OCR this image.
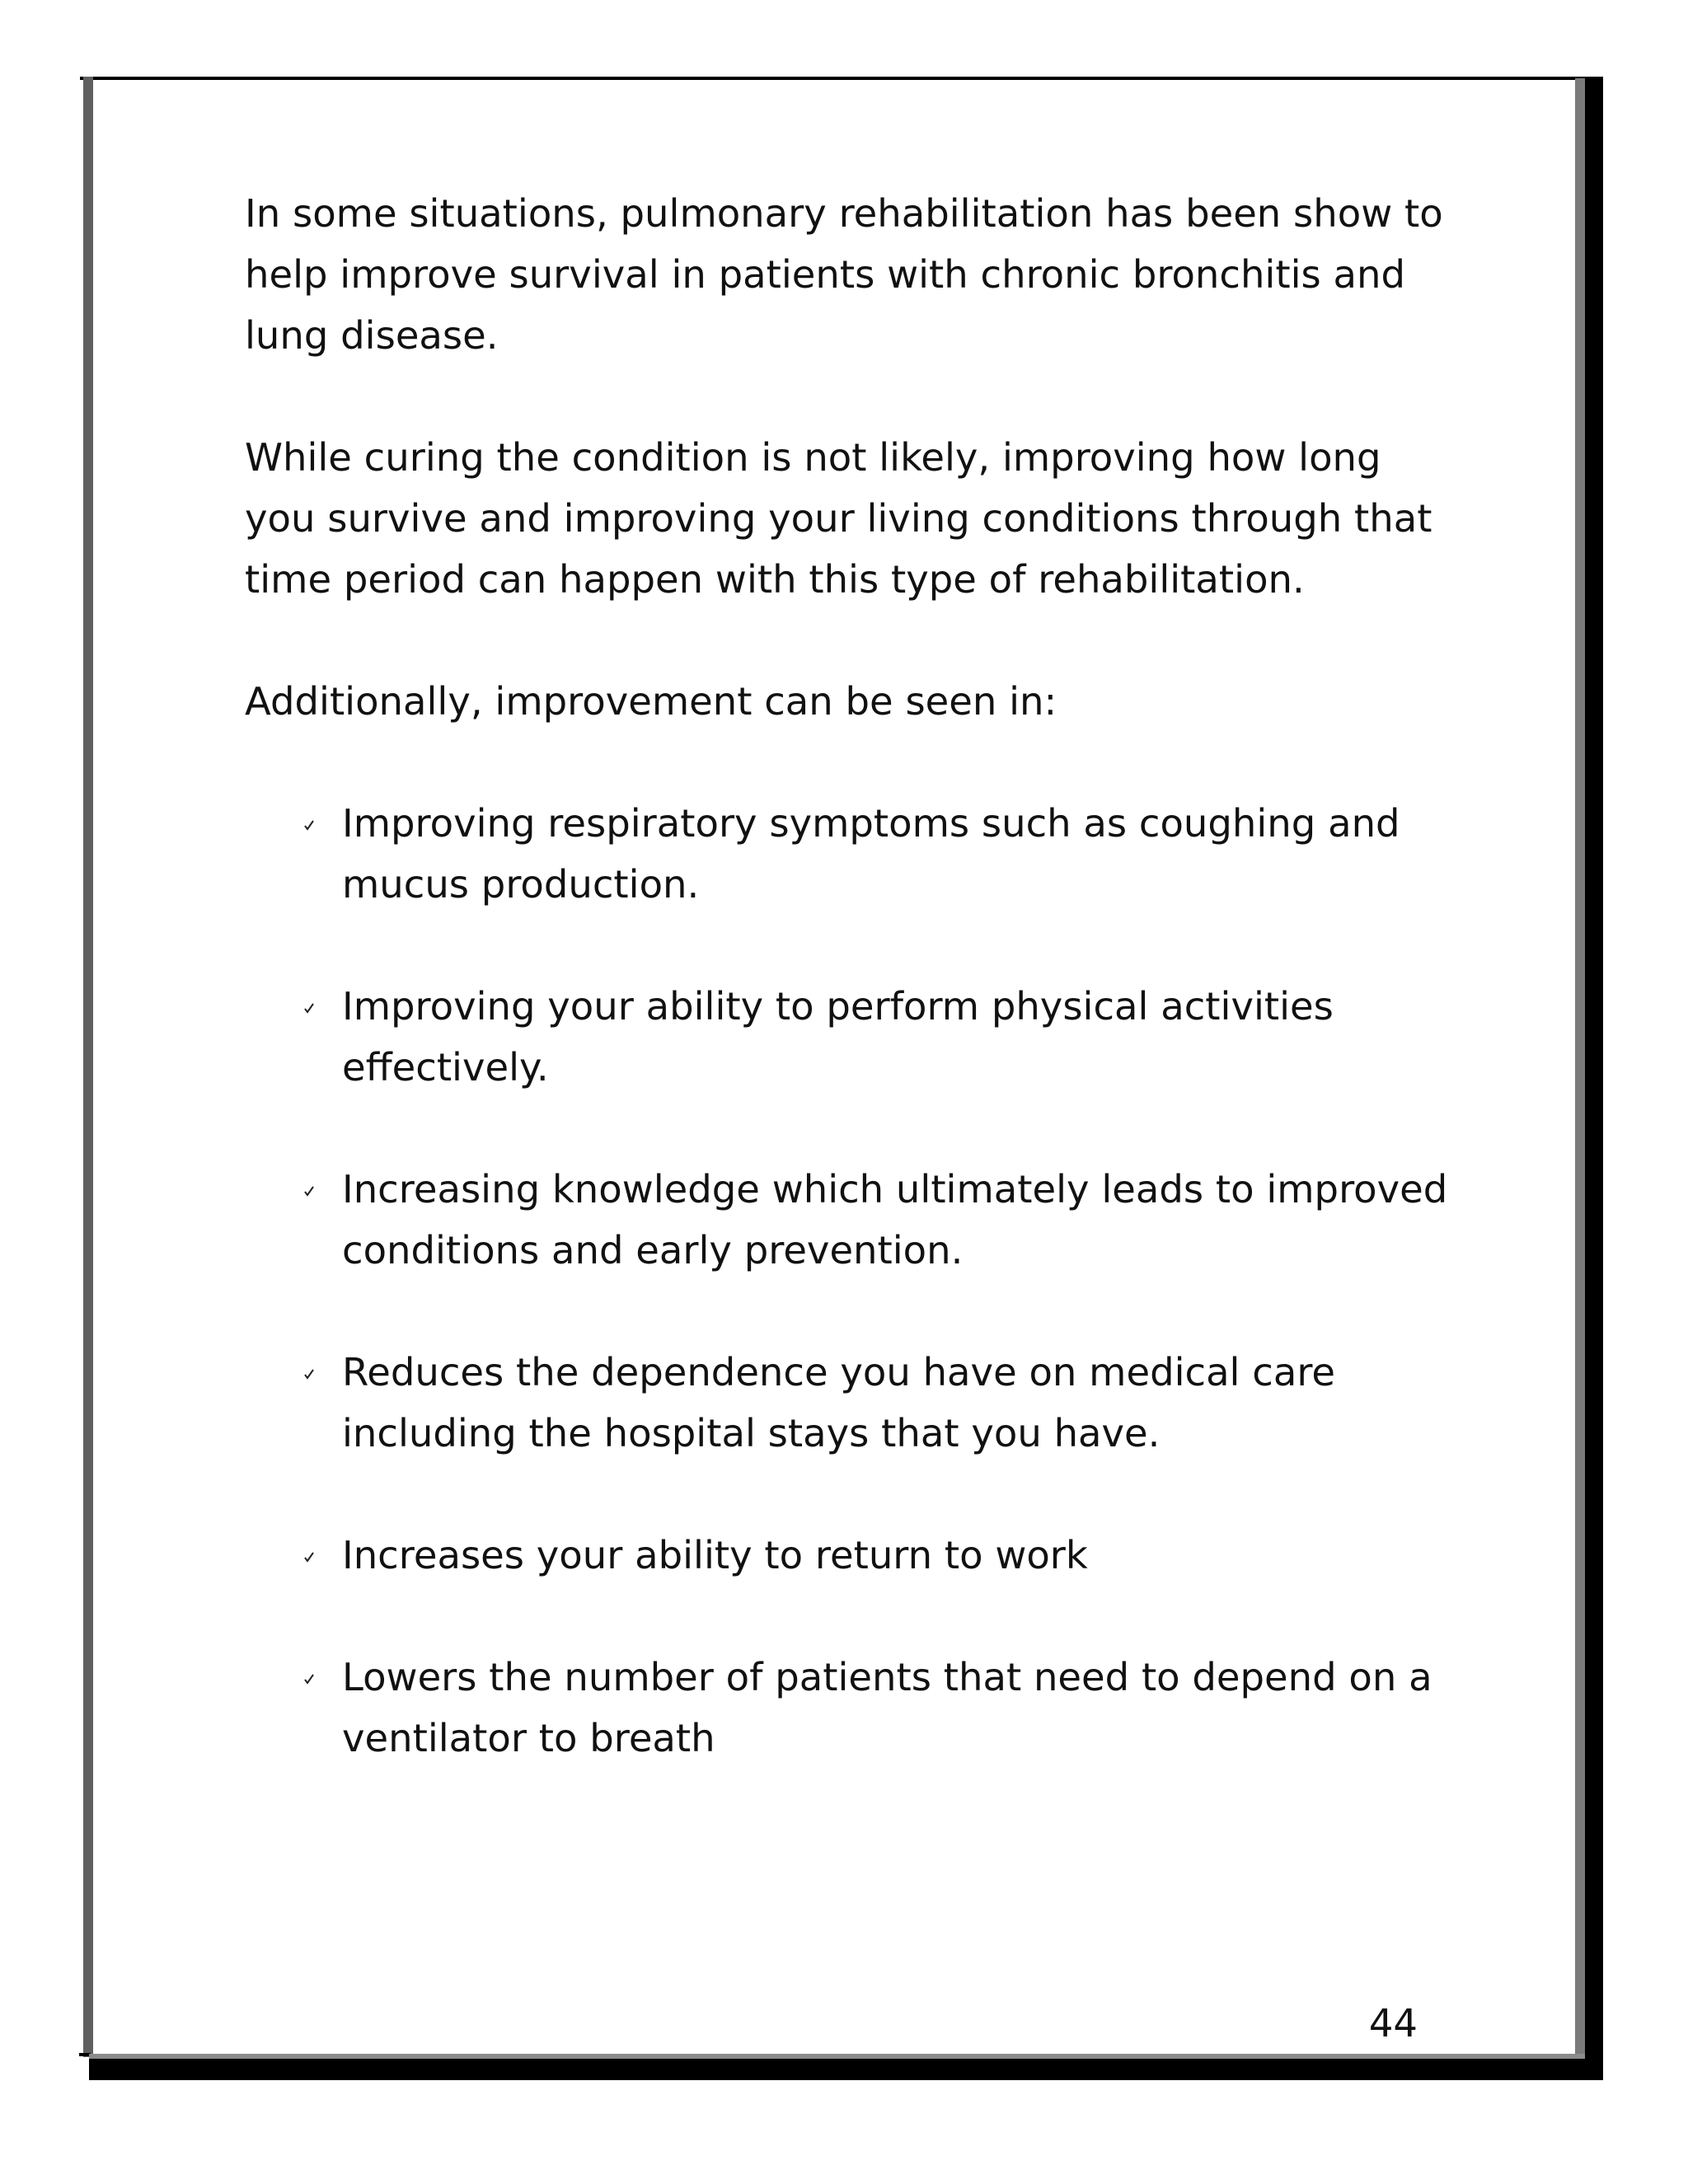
In some situations, pulmonary rehabilitation has been show to help improve survival in patients with chronic bronchitis and lung disease.

While curing the condition is not likely, improving how long you survive and improving your living conditions through that time period can happen with this type of rehabilitation.

Additionally, improvement can be seen in:

Improving respiratory symptoms such as coughing and mucus production.
Improving your ability to perform physical activities effectively.
Increasing knowledge which ultimately leads to improved conditions and early prevention.
Reduces the dependence you have on medical care including the hospital stays that you have.
Increases your ability to return to work
Lowers the number of patients that need to depend on a ventilator to breath
44
